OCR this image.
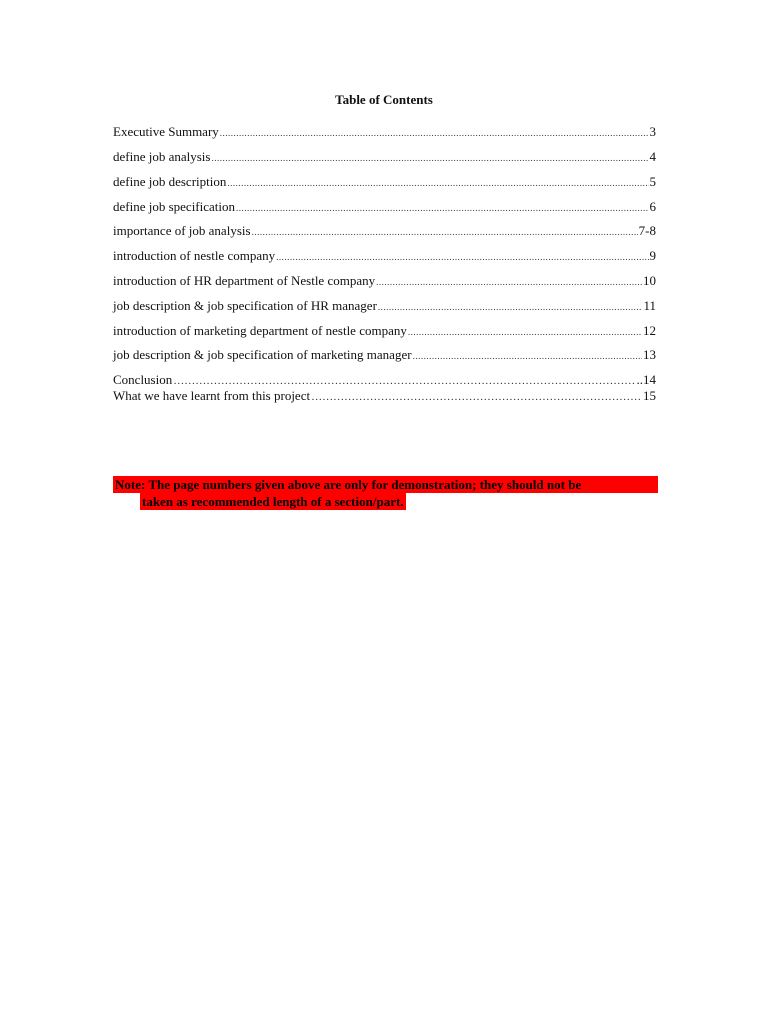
Table of Contents
Executive Summary .....	3
define job analysis .....	4
define job description .....	5
define job specification .....	6
importance of job analysis .....	7-8
introduction of nestle company .....	9
introduction of HR department of Nestle company .....	10
job description & job specification of HR manager .....	11
introduction of marketing department of nestle company .....	12
job description & job specification of marketing manager .....	13
Conclusion ……………………………………………………………………………………………………………………………………………………………………………………………………………………………	..14
What we have learnt from this project ……………………………………………………………………………………………………………………………………………………………………………………………………………………………	15
Note: The page numbers given above are only for demonstration; they should not be
taken as recommended length of a section/part.
